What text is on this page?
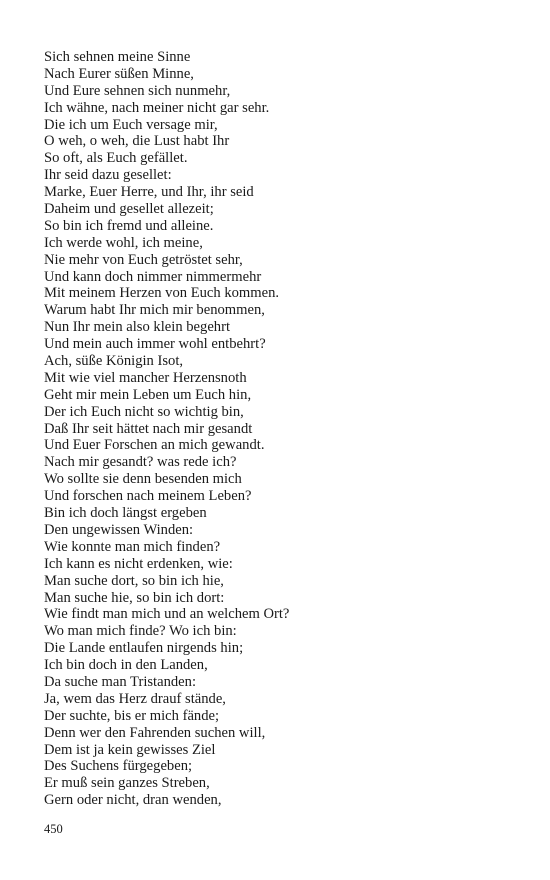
Sich sehnen meine Sinne
Nach Eurer süßen Minne,
Und Eure sehnen sich nunmehr,
Ich wähne, nach meiner nicht gar sehr.
Die ich um Euch versage mir,
O weh, o weh, die Lust habt Ihr
So oft, als Euch gefället.
Ihr seid dazu gesellet:
Marke, Euer Herre, und Ihr, ihr seid
Daheim und gesellet allezeit;
So bin ich fremd und alleine.
Ich werde wohl, ich meine,
Nie mehr von Euch getröstet sehr,
Und kann doch nimmer nimmermehr
Mit meinem Herzen von Euch kommen.
Warum habt Ihr mich mir benommen,
Nun Ihr mein also klein begehrt
Und mein auch immer wohl entbehrt?
Ach, süße Königin Isot,
Mit wie viel mancher Herzensnoth
Geht mir mein Leben um Euch hin,
Der ich Euch nicht so wichtig bin,
Daß Ihr seit hättet nach mir gesandt
Und Euer Forschen an mich gewandt.
Nach mir gesandt? was rede ich?
Wo sollte sie denn besenden mich
Und forschen nach meinem Leben?
Bin ich doch längst ergeben
Den ungewissen Winden:
Wie konnte man mich finden?
Ich kann es nicht erdenken, wie:
Man suche dort, so bin ich hie,
Man suche hie, so bin ich dort:
Wie findt man mich und an welchem Ort?
Wo man mich finde? Wo ich bin:
Die Lande entlaufen nirgends hin;
Ich bin doch in den Landen,
Da suche man Tristanden:
Ja, wem das Herz drauf stände,
Der suchte, bis er mich fände;
Denn wer den Fahrenden suchen will,
Dem ist ja kein gewisses Ziel
Des Suchens fürgegeben;
Er muß sein ganzes Streben,
Gern oder nicht, dran wenden,
450
